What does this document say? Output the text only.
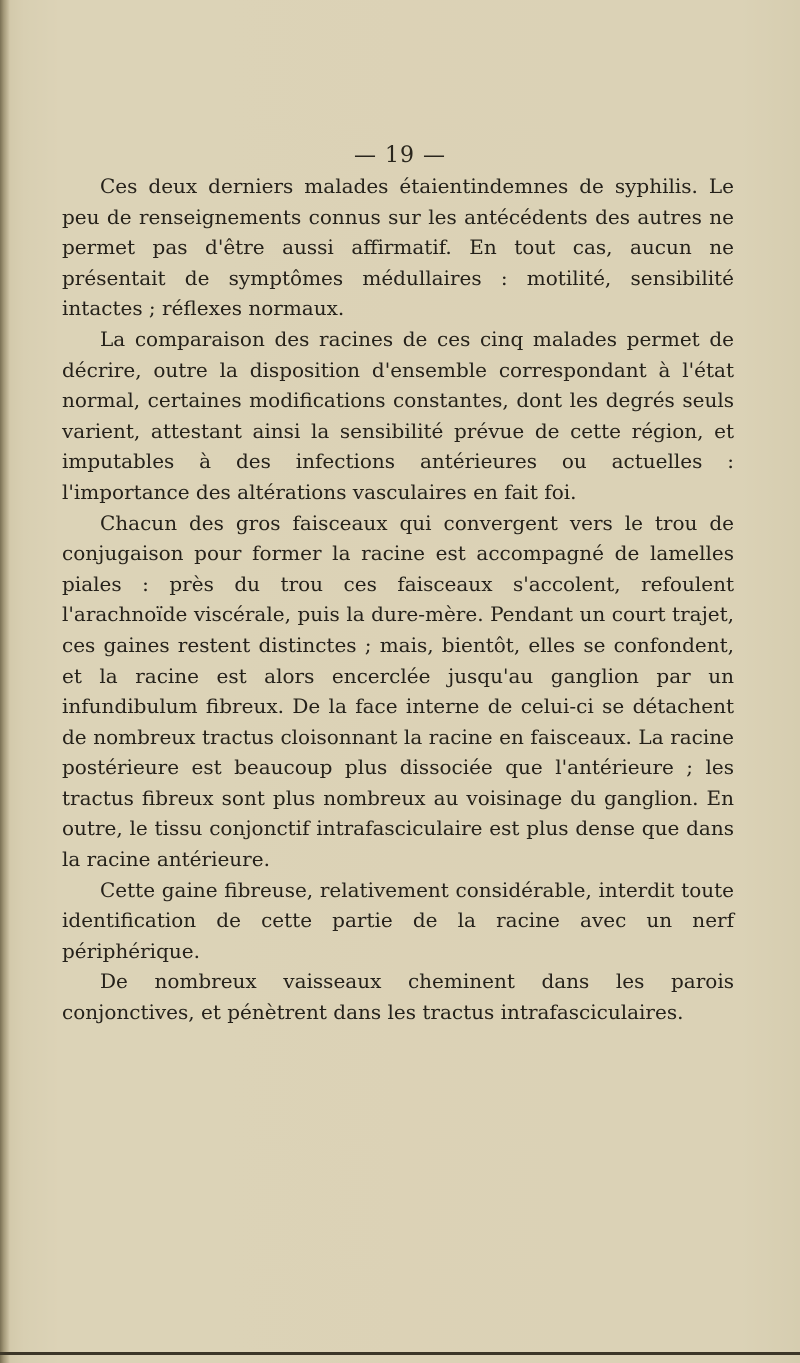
— 19 —

Ces deux derniers malades étaientindemnes de syphilis. Le peu de renseignements connus sur les antécédents des autres ne permet pas d'être aussi affirmatif. En tout cas, aucun ne présentait de symptômes médullaires : motilité, sensibilité intactes ; réflexes normaux.

La comparaison des racines de ces cinq malades permet de décrire, outre la disposition d'ensemble correspondant à l'état normal, certaines modifications constantes, dont les degrés seuls varient, attestant ainsi la sensibilité prévue de cette région, et imputables à des infections antérieures ou actuelles : l'importance des altérations vasculaires en fait foi.

Chacun des gros faisceaux qui convergent vers le trou de conjugaison pour former la racine est accompagné de lamelles piales : près du trou ces faisceaux s'accolent, refoulent l'arachnoïde viscérale, puis la dure-mère. Pendant un court trajet, ces gaines restent distinctes ; mais, bientôt, elles se confondent, et la racine est alors encerclée jusqu'au ganglion par un infundibulum fibreux. De la face interne de celui-ci se détachent de nombreux tractus cloisonnant la racine en faisceaux. La racine postérieure est beaucoup plus dissociée que l'antérieure ; les tractus fibreux sont plus nombreux au voisinage du ganglion. En outre, le tissu conjonctif intrafasciculaire est plus dense que dans la racine antérieure.

Cette gaine fibreuse, relativement considérable, interdit toute identification de cette partie de la racine avec un nerf périphérique.

De nombreux vaisseaux cheminent dans les parois conjonctives, et pénètrent dans les tractus intrafasciculaires.
